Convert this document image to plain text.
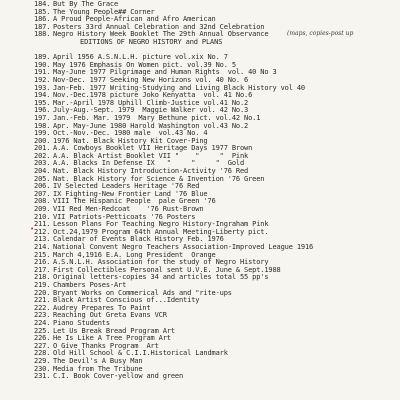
184. But By The Grace
185. The Young People## Corner
186. A Proud People-African and Afro American
187. Posters 33rd Annual Celebration and 32nd Celebration
188. Negro History Week Booklet The 29th Annual Observ⁠ance
EDITIONS OF NEGRO HISTORY and PLANS
189. April 1956 A.S.N.L.H. picture vol.xix No. 7
190. May 1976 Emphasis On Women pict. vol.39 No. 5
191. May-June 1977 Pilgrimage and Human Rights  vol. 40 No 3
192. Nov-Dec. 1977 Seeking New Horizons vol. 40 No. 6
193. Jan-Feb. 1977 Writing-Studying and Living Black History vol 40
194. Nov.-Dec.1978 picture Joko Kenyatta  vol. 41 No.6
195. Mar.-April 1978 Uphill Climb-Justice vol.41 No.2
196. July-Aug.-Sept. 1979  Maggie Walker vol. 42 No.3
197. Jan.-Feb. Mar. 1979  Mary Bethune pict. vol.42 No.1
198. Apr. May-June 1980 Harold Washington vol.43 No.2
199. Oct.-Nov.-Dec. 1980 male  vol.43 No. 4
200. 1976 Nat. Black History Kit Cover-Ping
201. A.A. Cowboys Booklet VII Heritage Days 1977 Brown
202. A.A. Black Artist Booklet VII "    "     "  Pink
203. A.A. Blacks In Defense IX   "     "     "  Gold
204. Nat. Black History Introduction-Activity '76 Red
205. Nat. Black History for Science & Invention '76 Green
206. IV Selected Leaders Heritage '76 Red
207. IX Fighting-New Frontier Land '76 Blue
208. VIII The Hispanic People  pale Green '76
209. VII Red Men-Redcoat    '76 Rust-Brown
210. VII Patriots-Petticoats '76 Posters
211. Lesson Plans For Teaching Negro History-Ingraham Pink
212. Oct.24,1979 Program 64th Annual Meeting-Liberty pict.
213. Calendar of Events Black History Feb. 1976
214. National Convent Negro Teachers Association-Improved League 1916
215. March 4,1916 E.A. Long President  Orange
216. A.S.N.L.H. Association for the study of Negro History
217. First Collectibles Personal sent U.V.E. June & Sept.1988
218. Original letters-copies 34 and articles total 55 pp's
219. Chambers Poses-Art
220. Bryant Works on Commerical Ads and "rite-ups
221. Black Artist Conscious of...Identity
222. Audrey Prepares To Paint
223. Reaching Out Greta Evans VCR
224. Piano Students
225. Let Us Break Bread Program Art
226. He Is Like A Tree Program Art
227. O Give Thanks Program  Art
228. Old Hill School & C.I.I.Historical Landmark
229. The Devil's A Busy Man
230. Media from The Tribune
231. C.I. Book Cover-yellow and green
(maps, copies-post up
•
